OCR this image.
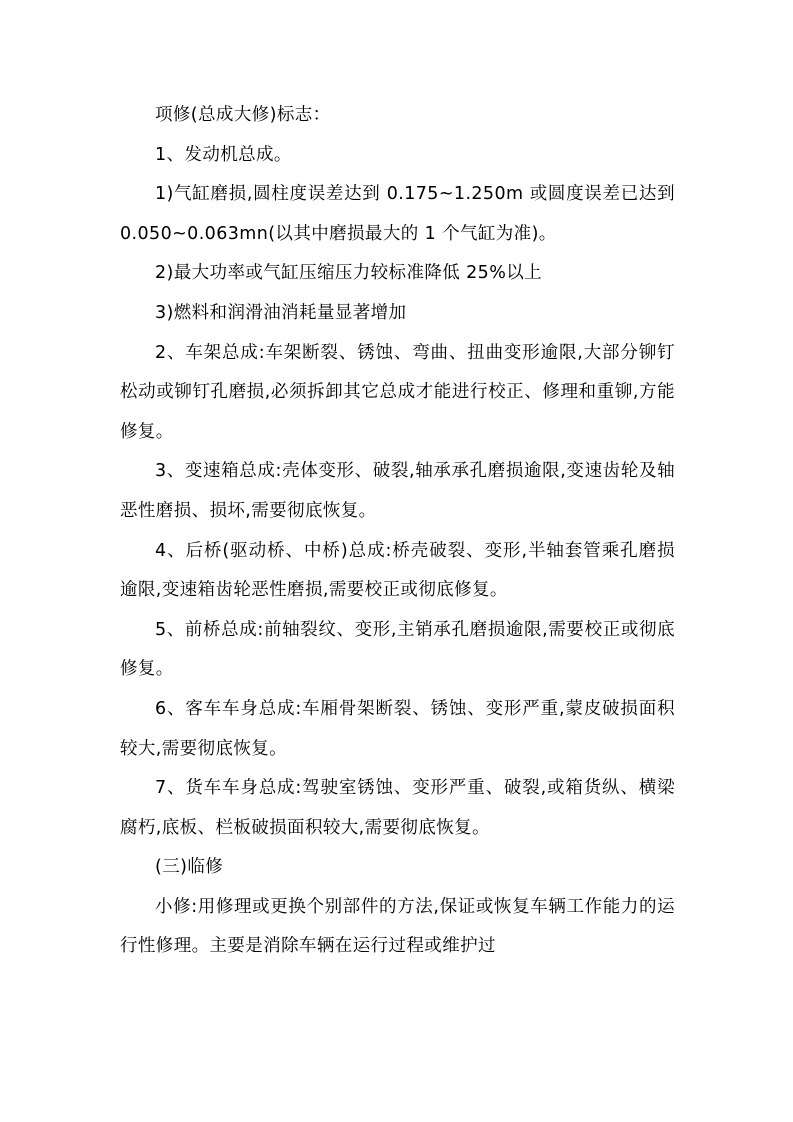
项修(总成大修)标志：

1、发动机总成。

1)气缸磨损,圆柱度误差达到 0.175~1.250m 或圆度误差已达到 0.050~0.063mn(以其中磨损最大的 1 个气缸为准)。

2)最大功率或气缸压缩压力较标准降低 25%以上

3)燃料和润滑油消耗量显著增加

2、车架总成:车架断裂、锈蚀、弯曲、扭曲变形逾限,大部分铆钉松动或铆钉孔磨损,必须拆卸其它总成才能进行校正、修理和重铆,方能修复。

3、变速箱总成:壳体变形、破裂,轴承承孔磨损逾限,变速齿轮及轴恶性磨损、损坏,需要彻底恢复。

4、后桥(驱动桥、中桥)总成:桥壳破裂、变形,半轴套管乘孔磨损逾限,变速箱齿轮恶性磨损,需要校正或彻底修复。

5、前桥总成:前轴裂纹、变形,主销承孔磨损逾限,需要校正或彻底修复。

6、客车车身总成:车厢骨架断裂、锈蚀、变形严重,蒙皮破损面积较大,需要彻底恢复。

7、货车车身总成:驾驶室锈蚀、变形严重、破裂,或箱货纵、横梁腐朽,底板、栏板破损面积较大,需要彻底恢复。

(三)临修

小修:用修理或更换个别部件的方法,保证或恢复车辆工作能力的运行性修理。主要是消除车辆在运行过程或维护过
